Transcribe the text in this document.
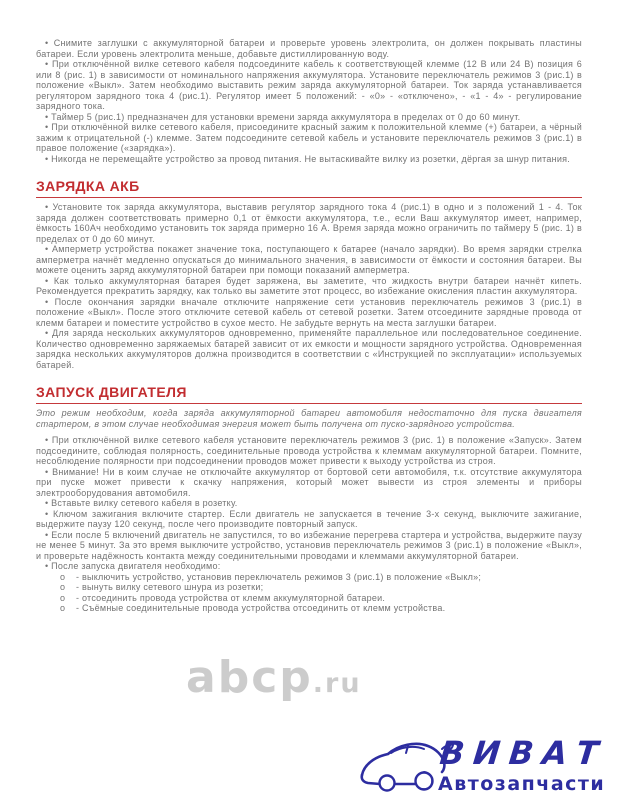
• Снимите заглушки с аккумуляторной батареи и проверьте уровень электролита, он должен покрывать пластины батареи. Если уровень электролита меньше, добавьте дистиллированную воду.

• При отключённой вилке сетевого кабеля подсоедините кабель к соответствующей клемме (12 В или 24 В) позиция 6 или 8 (рис. 1) в зависимости от номинального напряжения аккумулятора. Установите переключатель режимов 3 (рис.1) в положение «Выкл». Затем необходимо выставить режим заряда аккумуляторной батареи. Ток заряда устанавливается регулятором зарядного тока 4 (рис.1). Регулятор имеет 5 положений: - «0» - «отключено», - «1 - 4» - регулирование зарядного тока.

• Таймер 5 (рис.1) предназначен для установки времени заряда аккумулятора в пределах от 0 до 60 минут.

• При отключённой вилке сетевого кабеля, присоедините красный зажим к положительной клемме (+) батареи, а чёрный зажим к отрицательной (-) клемме. Затем подсоедините сетевой кабель и установите переключатель режимов 3 (рис.1) в правое положение («зарядка»).

• Никогда не перемещайте устройство за провод питания. Не вытаскивайте вилку из розетки, дёргая за шнур питания.

ЗАРЯДКА АКБ

• Установите ток заряда аккумулятора, выставив регулятор зарядного тока 4 (рис.1) в одно и з положений 1 - 4. Ток заряда должен соответствовать примерно 0,1 от ёмкости аккумулятора, т.е., если Ваш аккумулятор имеет, например, ёмкость 160Ач необходимо установить ток заряда примерно 16 А. Время заряда можно ограничить по таймеру 5 (рис. 1) в пределах от 0 до 60 минут.

• Амперметр устройства покажет значение тока, поступающего к батарее (начало зарядки). Во время зарядки стрелка амперметра начнёт медленно опускаться до минимального значения, в зависимости от ёмкости и состояния батареи. Вы можете оценить заряд аккумуляторной батареи при помощи показаний амперметра.

• Как только аккумуляторная батарея будет заряжена, вы заметите, что жидкость внутри батареи начнёт кипеть. Рекомендуется прекратить зарядку, как только вы заметите этот процесс, во избежание окисления пластин аккумулятора.

• После окончания зарядки вначале отключите напряжение сети установив переключатель режимов 3 (рис.1) в положение «Выкл». После этого отключите сетевой кабель от сетевой розетки. Затем отсоедините зарядные провода от клемм батареи и поместите устройство в сухое место. Не забудьте вернуть на места заглушки батареи.

• Для заряда нескольких аккумуляторов одновременно, применяйте параллельное или последовательное соединение. Количество одновременно заряжаемых батарей зависит от их емкости и мощности зарядного устройства. Одновременная зарядка нескольких аккумуляторов должна производится в соответствии с «Инструкцией по эксплуатации» используемых батарей.

ЗАПУСК ДВИГАТЕЛЯ

Это режим необходим, когда заряда аккумуляторной батареи автомобиля недостаточно для пуска двигателя стартером, в этом случае необходимая энергия может быть получена от пуско-зарядного устройства.

• При отключённой вилке сетевого кабеля установите переключатель режимов 3 (рис. 1) в положение «Запуск». Затем подсоедините, соблюдая полярность, соединительные провода устройства к клеммам аккумуляторной батареи. Помните, несоблюдение полярности при подсоединении проводов может привести к выходу устройства из строя.

• Внимание! Ни в коим случае не отключайте аккумулятор от бортовой сети автомобиля, т.к. отсутствие аккумулятора при пуске может привести к скачку напряжения, который может вывести из строя элементы и приборы электрооборудования автомобиля.

• Вставьте вилку сетевого кабеля в розетку.

• Ключом зажигания включите стартер. Если двигатель не запускается в течение 3-х секунд, выключите зажигание, выдержите паузу 120 секунд, после чего производите повторный запуск.

• Если после 5 включений двигатель не запустился, то во избежание перегрева стартера и устройства, выдержите паузу не менее 5 минут. За это время выключите устройство, установив переключатель режимов 3 (рис.1) в положение «Выкл», и проверьте надёжность контакта между соединительными проводами и клеммами аккумуляторной батареи.

• После запуска двигателя необходимо:

o	- выключить устройство, установив переключатель режимов 3 (рис.1) в положение «Выкл»;
o	- вынуть вилку сетевого шнура из розетки;
o	- отсоединить провода устройства от клемм аккумуляторной батареи.
o	- Съёмные соединительные провода устройства отсоединить от клемм устройства.
abcp.ru
ВИВАТ
Автозапчасти
